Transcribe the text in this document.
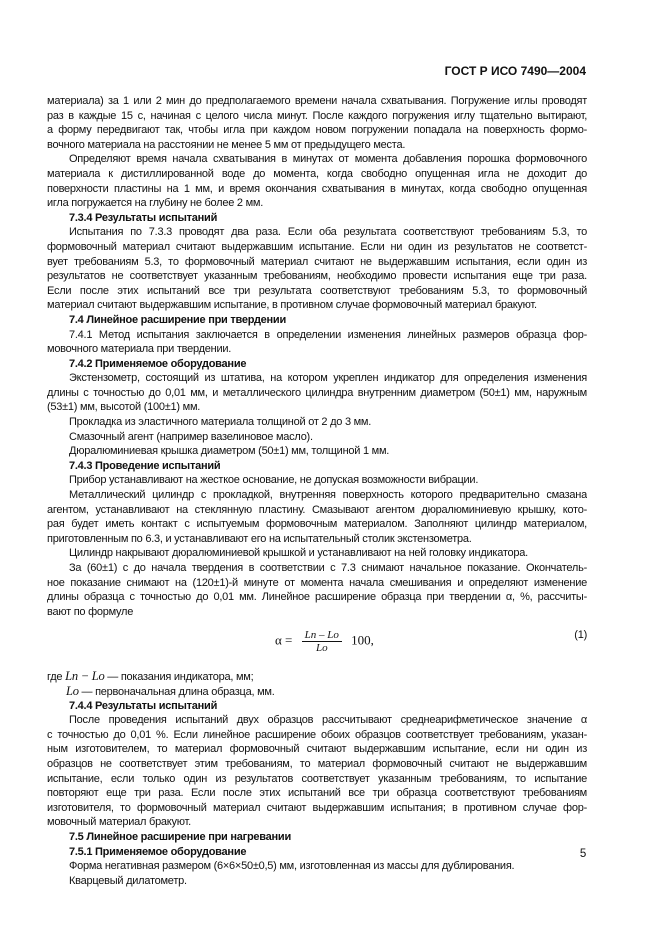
ГОСТ Р ИСО 7490—2004
материала) за 1 или 2 мин до предполагаемого времени начала схватывания. Погружение иглы проводят
раз в каждые 15 с, начиная с целого числа минут. После каждого погружения иглу тщательно вытирают,
а форму передвигают так, чтобы игла при каждом новом погружении попадала на поверхность формо-
вочного материала на расстоянии не менее 5 мм от предыдущего места.
Определяют время начала схватывания в минутах от момента добавления порошка формовочного
материала к дистиллированной воде до момента, когда свободно опущенная игла не доходит до
поверхности пластины на 1 мм, и время окончания схватывания в минутах, когда свободно опущенная
игла погружается на глубину не более 2 мм.
7.3.4 Результаты испытаний
Испытания по 7.3.3 проводят два раза. Если оба результата соответствуют требованиям 5.3, то
формовочный материал считают выдержавшим испытание. Если ни один из результатов не соответст-
вует требованиям 5.3, то формовочный материал считают не выдержавшим испытания, если один из
результатов не соответствует указанным требованиям, необходимо провести испытания еще три раза.
Если после этих испытаний все три результата соответствуют требованиям 5.3, то формовочный
материал считают выдержавшим испытание, в противном случае формовочный материал бракуют.
7.4 Линейное расширение при твердении
7.4.1 Метод испытания заключается в определении изменения линейных размеров образца фор-
мовочного материала при твердении.
7.4.2 Применяемое оборудование
Экстензометр, состоящий из штатива, на котором укреплен индикатор для определения изменения
длины с точностью до 0,01 мм, и металлического цилиндра внутренним диаметром (50±1) мм, наружным
(53±1) мм, высотой (100±1) мм.
Прокладка из эластичного материала толщиной от 2 до 3 мм.
Смазочный агент (например вазелиновое масло).
Дюралюминиевая крышка диаметром (50±1) мм, толщиной 1 мм.
7.4.3 Проведение испытаний
Прибор устанавливают на жесткое основание, не допуская возможности вибрации.
Металлический цилиндр с прокладкой, внутренняя поверхность которого предварительно смазана
агентом, устанавливают на стеклянную пластину. Смазывают агентом дюралюминиевую крышку, кото-
рая будет иметь контакт с испытуемым формовочным материалом. Заполняют цилиндр материалом,
приготовленным по 6.3, и устанавливают его на испытательный столик экстензометра.
Цилиндр накрывают дюралюминиевой крышкой и устанавливают на ней головку индикатора.
За (60±1) с до начала твердения в соответствии с 7.3 снимают начальное показание. Окончатель-
ное показание снимают на (120±1)-й минуте от момента начала смешивания и определяют изменение
длины образца с точностью до 0,01 мм. Линейное расширение образца при твердении α, %, рассчиты-
вают по формуле
$\alpha = \frac{Lп - Lо}{Lо} 100$,	(1)
где Lп − Lо — показания индикатора, мм;
Lо — первоначальная длина образца, мм.
7.4.4 Результаты испытаний
После проведения испытаний двух образцов рассчитывают среднеарифметическое значение α
с точностью до 0,01 %. Если линейное расширение обоих образцов соответствует требованиям, указан-
ным изготовителем, то материал формовочный считают выдержавшим испытание, если ни один из
образцов не соответствует этим требованиям, то материал формовочный считают не выдержавшим
испытание, если только один из результатов соответствует указанным требованиям, то испытание
повторяют еще три раза. Если после этих испытаний все три образца соответствуют требованиям
изготовителя, то формовочный материал считают выдержавшим испытания; в противном случае фор-
мовочный материал бракуют.
7.5 Линейное расширение при нагревании
7.5.1 Применяемое оборудование
Форма негативная размером (6×6×50±0,5) мм, изготовленная из массы для дублирования.
Кварцевый дилатометр.
5
